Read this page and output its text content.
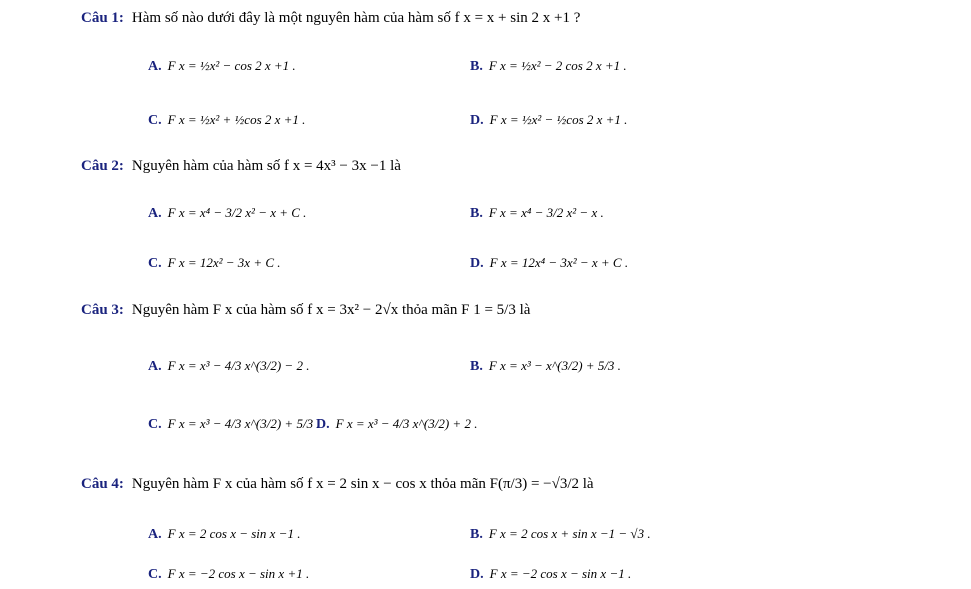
Câu 1: Hàm số nào dưới đây là một nguyên hàm của hàm số f x = x + sin 2 x +1 ?
A. F x = ½x² − cos 2 x +1 .	B. F x = ½x² − 2 cos 2 x +1 .
C. F x = ½x² + ½cos 2 x +1 .	D. F x = ½x² − ½cos 2 x +1 .
Câu 2: Nguyên hàm của hàm số f x = 4x³ − 3x −1 là
A. F x = x⁴ − 3/2 x² − x + C .	B. F x = x⁴ − 3/2 x² − x .
C. F x = 12x² − 3x + C .	D. F x = 12x⁴ − 3x² − x + C .
Câu 3: Nguyên hàm F x của hàm số f x = 3x² − 2√x thỏa mãn F 1 = 5/3 là
A. F x = x³ − 4/3 x^(3/2) − 2 .	B. F x = x³ − x^(3/2) + 5/3 .
C. F x = x³ − 4/3 x^(3/2) + 5/3 .
D. F x = x³ − 4/3 x^(3/2) + 2 .
Câu 4: Nguyên hàm F x của hàm số f x = 2 sin x − cos x thỏa mãn F(π/3) = −√3/2 là
A. F x = 2 cos x − sin x −1 .	B. F x = 2 cos x + sin x −1 − √3 .
C. F x = −2 cos x − sin x +1 .	D. F x = −2 cos x − sin x −1 .
